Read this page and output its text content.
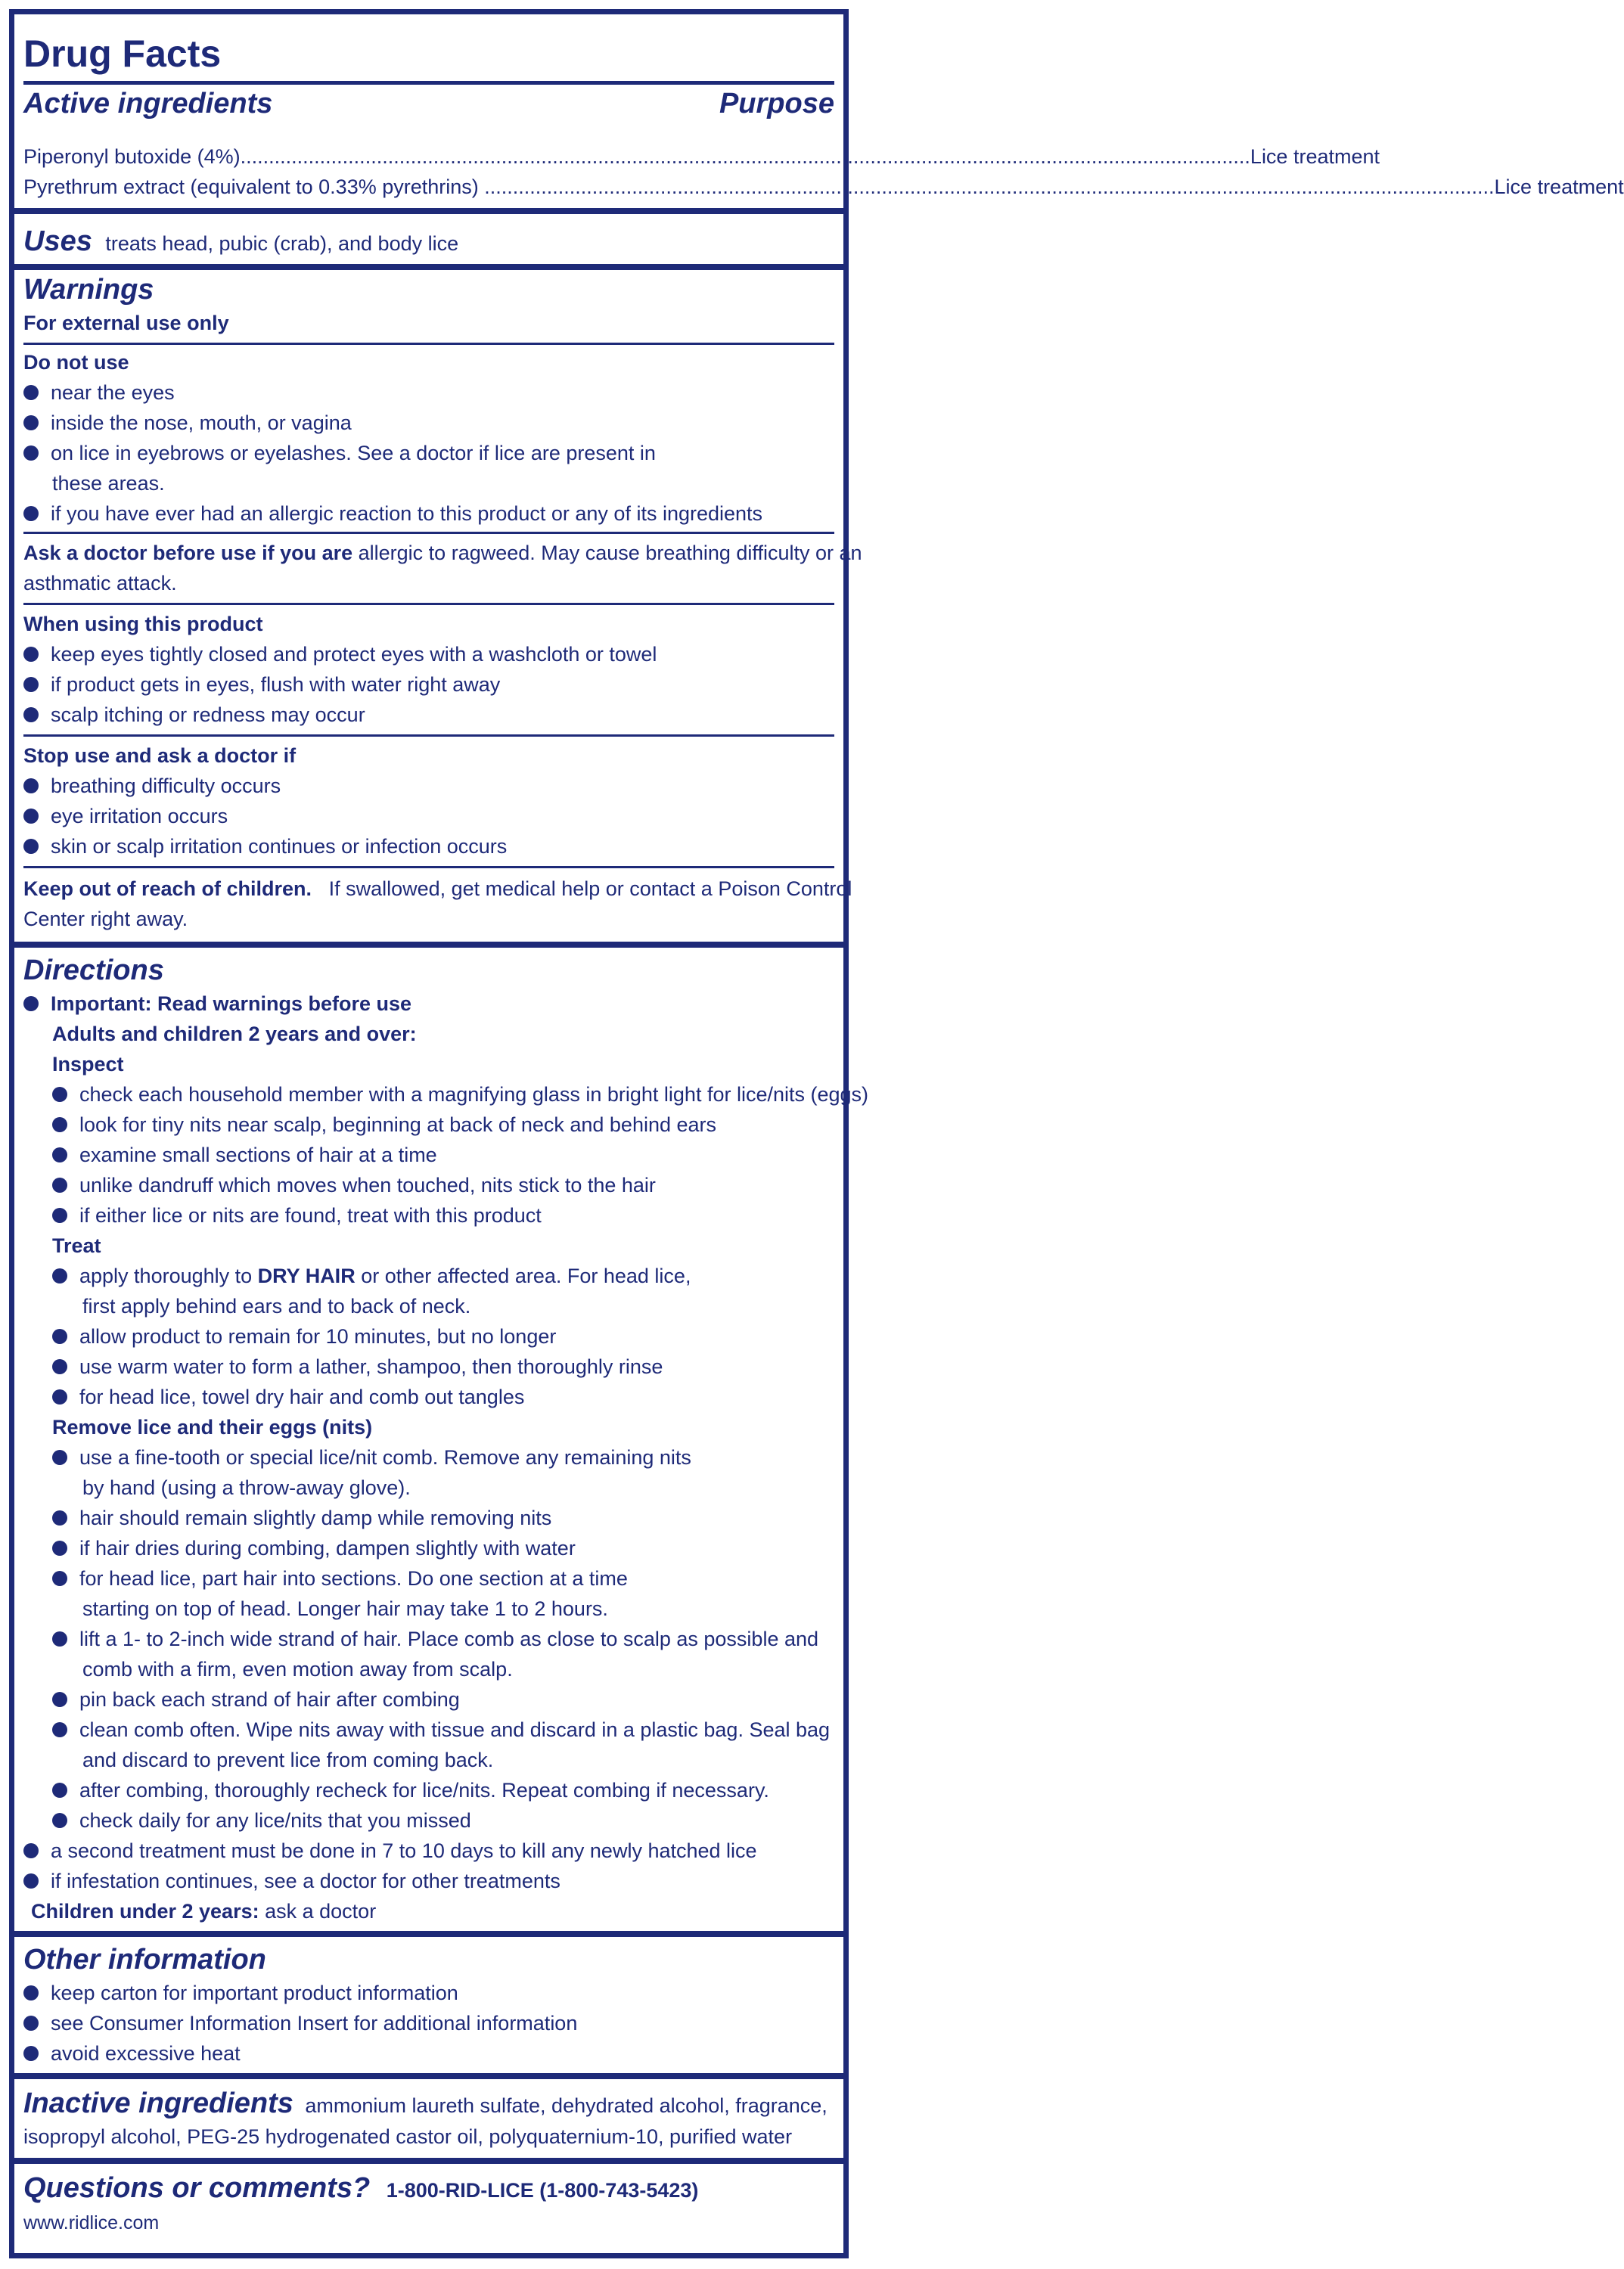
Drug Facts
Active ingredients	Purpose
Piperonyl butoxide (4%) .................................................................................................................................................................................. Lice treatment
Pyrethrum extract (equivalent to 0.33% pyrethrins) .................................................................................................................................................................................. Lice treatment
Uses treats head, pubic (crab), and body lice
Warnings
For external use only
Do not use
near the eyes
inside the nose, mouth, or vagina
on lice in eyebrows or eyelashes. See a doctor if lice are present in
these areas.
if you have ever had an allergic reaction to this product or any of its ingredients
Ask a doctor before use if you are allergic to ragweed. May cause breathing difficulty or an
asthmatic attack.
When using this product
keep eyes tightly closed and protect eyes with a washcloth or towel
if product gets in eyes, flush with water right away
scalp itching or redness may occur
Stop use and ask a doctor if
breathing difficulty occurs
eye irritation occurs
skin or scalp irritation continues or infection occurs
Keep out of reach of children. If swallowed, get medical help or contact a Poison Control
Center right away.
Directions
Important: Read warnings before use
Adults and children 2 years and over:
Inspect
check each household member with a magnifying glass in bright light for lice/nits (eggs)
look for tiny nits near scalp, beginning at back of neck and behind ears
examine small sections of hair at a time
unlike dandruff which moves when touched, nits stick to the hair
if either lice or nits are found, treat with this product
Treat
apply thoroughly to DRY HAIR or other affected area. For head lice,
first apply behind ears and to back of neck.
allow product to remain for 10 minutes, but no longer
use warm water to form a lather, shampoo, then thoroughly rinse
for head lice, towel dry hair and comb out tangles
Remove lice and their eggs (nits)
use a fine-tooth or special lice/nit comb. Remove any remaining nits
by hand (using a throw-away glove).
hair should remain slightly damp while removing nits
if hair dries during combing, dampen slightly with water
for head lice, part hair into sections. Do one section at a time
starting on top of head. Longer hair may take 1 to 2 hours.
lift a 1- to 2-inch wide strand of hair. Place comb as close to scalp as possible and
comb with a firm, even motion away from scalp.
pin back each strand of hair after combing
clean comb often. Wipe nits away with tissue and discard in a plastic bag. Seal bag
and discard to prevent lice from coming back.
after combing, thoroughly recheck for lice/nits. Repeat combing if necessary.
check daily for any lice/nits that you missed
a second treatment must be done in 7 to 10 days to kill any newly hatched lice
if infestation continues, see a doctor for other treatments
Children under 2 years: ask a doctor
Other information
keep carton for important product information
see Consumer Information Insert for additional information
avoid excessive heat
Inactive ingredients ammonium laureth sulfate, dehydrated alcohol, fragrance,
isopropyl alcohol, PEG-25 hydrogenated castor oil, polyquaternium-10, purified water
Questions or comments? 1-800-RID-LICE (1-800-743-5423)
www.ridlice.com
